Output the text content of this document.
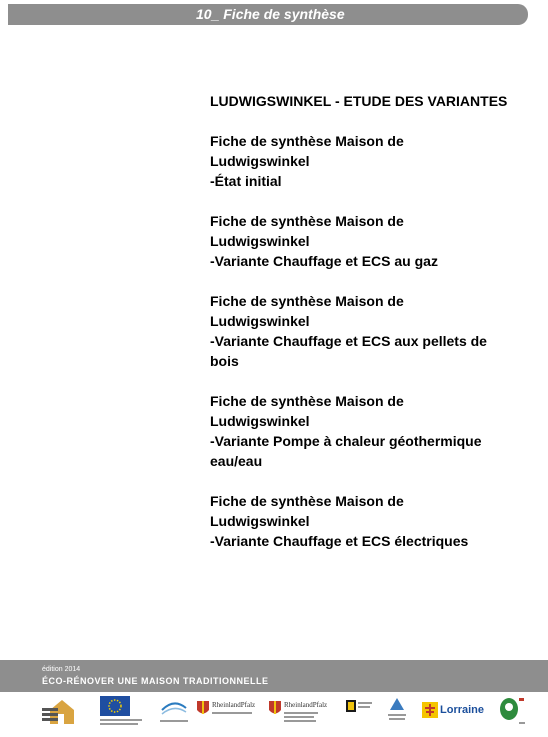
10_ Fiche de synthèse
LUDWIGSWINKEL - ETUDE DES VARIANTES
Fiche de synthèse Maison de
Ludwigswinkel
-État initial
Fiche de synthèse Maison de
Ludwigswinkel
-Variante Chauffage et ECS au gaz
Fiche de synthèse Maison de
Ludwigswinkel
-Variante Chauffage et ECS aux pellets de bois
Fiche de synthèse Maison de
Ludwigswinkel
-Variante Pompe à chaleur géothermique eau/eau
Fiche de synthèse Maison de
Ludwigswinkel
-Variante Chauffage et ECS électriques
édition 2014
ÉCO-RÉNOVER UNE MAISON TRADITIONNELLE
RheinlandPfalz	RheinlandPfalz	Lorraine
